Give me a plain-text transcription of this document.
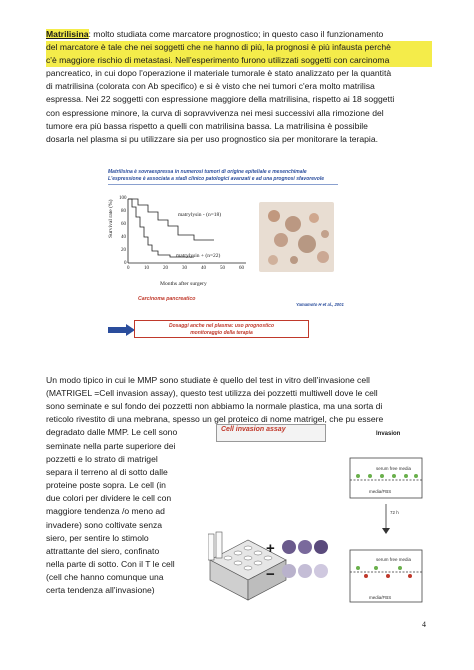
Matrilisina: molto studiata come marcatore prognostico; in questo caso il funzionamento
del marcatore è tale che nei soggetti che ne hanno di più, la prognosi è più infausta perchè
c'è maggiore rischio di metastasi. Nell'esperimento furono utilizzati soggetti con carcinoma
pancreatico, in cui dopo l'operazione il materiale tumorale è stato analizzato per la quantità
di matrilisina (colorata con Ab specifico) e si è visto che nei tumori c'era molto matrilisa
espressa. Nei 22 soggetti con espressione maggiore della matrilisina, rispetto ai 18 soggetti
con espressione minore, la curva di sopravvivenza nei mesi successivi alla rimozione del
tumore era più bassa rispetto a quelli con matrilisina bassa. La matrilisina è possibile
dosarla nel plasma si pu utilizzare sia per uso prognostico sia per monitorare la terapia.
Matrilisina è sovraespressa in numerosi tumori di origine epiteliale e mesenchimale
L'espressione è associata a stadi clinico patologici avanzati e ad una prognosi sfavorevole
Survival rate (%)
100
80
60
40
20
0
0	10	20	30	40	50	60
matrylysin - (n=18)
matrylysin + (n=22)
Months after surgery
Carcinoma pancreatico
Yamamoto H et al., 2001
Dosaggi anche nel plasma: uso prognostico
monitoraggio della terapia
Un modo tipico in cui le MMP sono studiate è quello del test in vitro dell'invasione cell
(MATRIGEL =Cell invasion assay), questo test utilizza dei pozzetti multiwell dove le cell
sono seminate e sul fondo dei pozzetti non abbiamo la normale plastica, ma una sorta di
reticolo rivestito di una mebrana, spesso un gel proteico di nome matrigel, che pu essere
degradato dalle MMP. Le cell sono
seminate nella parte superiore dei
pozzetti e lo strato di matrigel
separa il terreno al di sotto dalle
proteine poste sopra. Le cell (in
due colori per dividere le cell con
maggiore tendenza /o meno ad
invadere) sono coltivate senza
siero, per sentire lo stimolo
attrattante del siero, confinato
nella parte di sotto. Con il T le cell
(cell che hanno comunque una
certa tendenza all'invasione)
Cell invasion assay
+
−
Invasion
serum free media
media/FBS
72 h
serum free media
media/FBS
4
